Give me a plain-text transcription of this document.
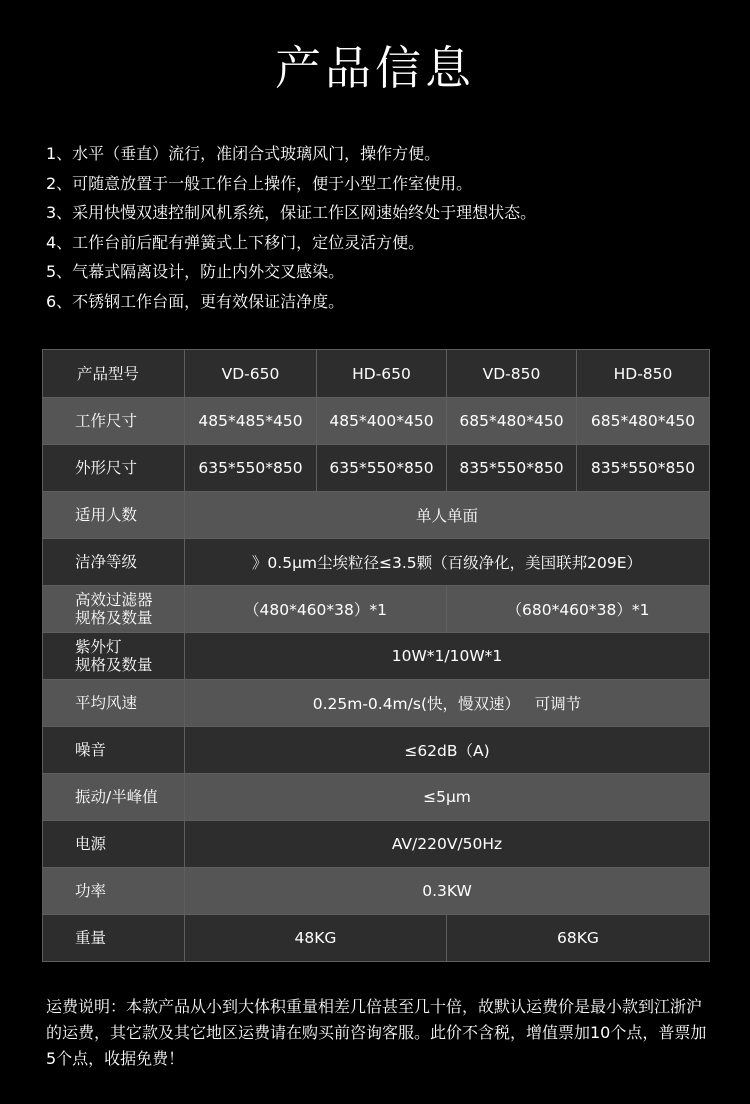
产品信息
1、水平（垂直）流行，准闭合式玻璃风门，操作方便。
2、可随意放置于一般工作台上操作，便于小型工作室使用。
3、采用快慢双速控制风机系统，保证工作区网速始终处于理想状态。
4、工作台前后配有弹簧式上下移门，定位灵活方便。
5、气幕式隔离设计，防止内外交叉感染。
6、不锈钢工作台面，更有效保证洁净度。
产品型号	VD-650	HD-650	VD-850	HD-850
工作尺寸	485*485*450	485*400*450	685*480*450	685*480*450
外形尺寸	635*550*850	635*550*850	835*550*850	835*550*850
适用人数	单人单面			
洁净等级	》0.5μm尘埃粒径≤3.5颗（百级净化，美国联邦209E）			

高效过滤器
规格及数量	（480*460*38）*1		（680*460*38）*1	

紫外灯
规格及数量	10W*1/10W*1			
平均风速	0.25m-0.4m/s(快，慢双速）   可调节			
噪音	≤62dB（A)			
振动/半峰值	≤5μm			
电源	AV/220V/50Hz			
功率	0.3KW			
重量	48KG		68KG	
运费说明：本款产品从小到大体积重量相差几倍甚至几十倍，故默认运费价是最小款到江浙沪的运费，其它款及其它地区运费请在购买前咨询客服。此价不含税，增值票加10个点，普票加5个点，收据免费！
